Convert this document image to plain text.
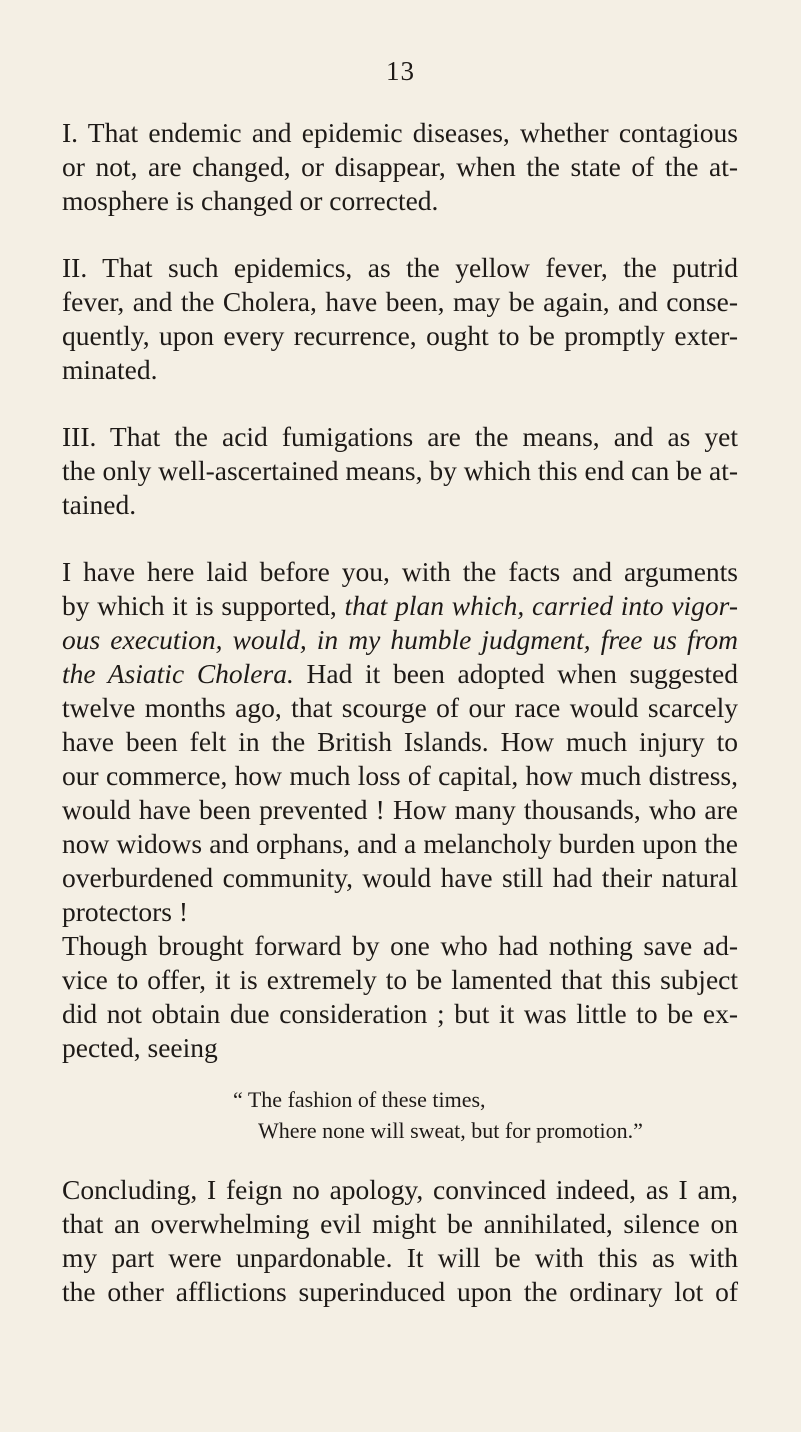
13
I. That endemic and epidemic diseases, whether contagious
or not, are changed, or disappear, when the state of the at-
mosphere is changed or corrected.
II. That such epidemics, as the yellow fever, the putrid
fever, and the Cholera, have been, may be again, and conse-
quently, upon every recurrence, ought to be promptly exter-
minated.
III. That the acid fumigations are the means, and as yet
the only well-ascertained means, by which this end can be at-
tained.
I have here laid before you, with the facts and arguments
by which it is supported, that plan which, carried into vigor-
ous execution, would, in my humble judgment, free us from
the Asiatic Cholera. Had it been adopted when suggested
twelve months ago, that scourge of our race would scarcely
have been felt in the British Islands. How much injury to
our commerce, how much loss of capital, how much distress,
would have been prevented ! How many thousands, who are
now widows and orphans, and a melancholy burden upon the
overburdened community, would have still had their natural
protectors !
Though brought forward by one who had nothing save ad-
vice to offer, it is extremely to be lamented that this subject
did not obtain due consideration ; but it was little to be ex-
pected, seeing
“ The fashion of these times,
Where none will sweat, but for promotion.”
Concluding, I feign no apology, convinced indeed, as I am,
that an overwhelming evil might be annihilated, silence on
my part were unpardonable. It will be with this as with
the other afflictions superinduced upon the ordinary lot of
